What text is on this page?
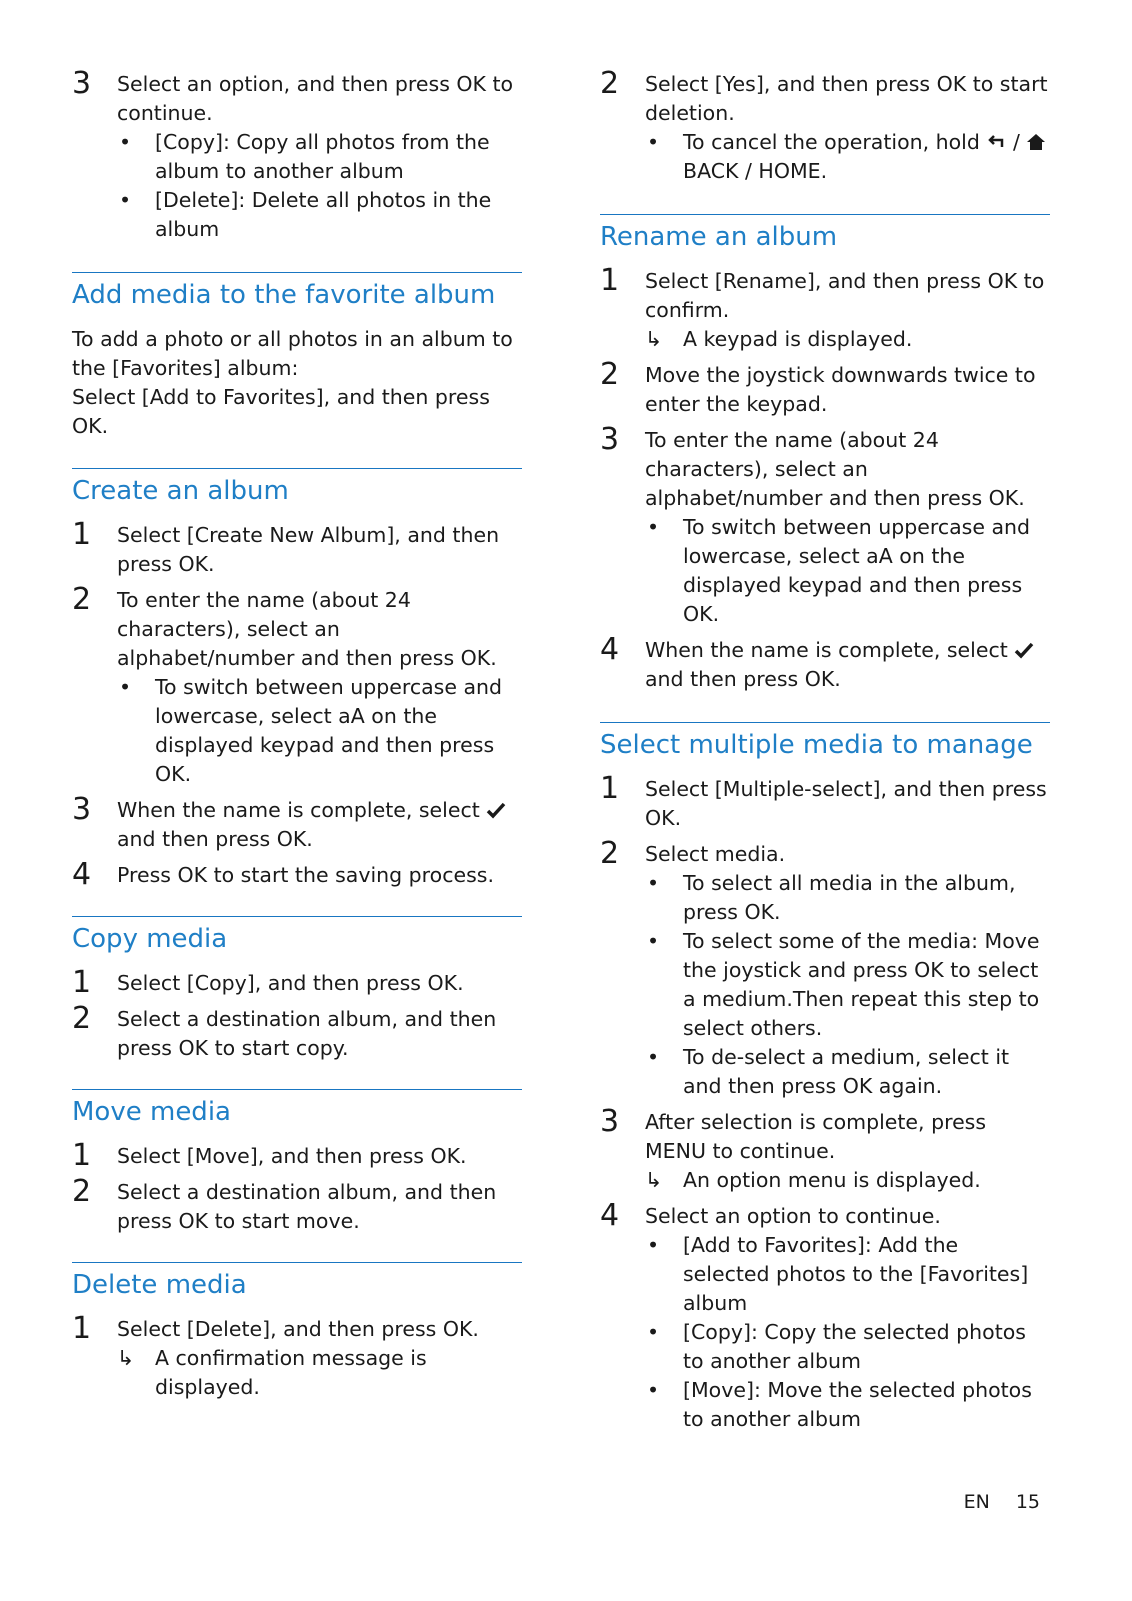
3 Select an option, and then press OK to continue.
• [Copy]: Copy all photos from the album to another album
• [Delete]: Delete all photos in the album
Add media to the favorite album
To add a photo or all photos in an album to the [Favorites] album:
Select [Add to Favorites], and then press OK.
Create an album
1 Select [Create New Album], and then press OK.
2 To enter the name (about 24 characters), select an alphabet/number and then press OK.
• To switch between uppercase and lowercase, select aA on the displayed keypad and then press OK.
3 When the name is complete, select  and then press OK.
4 Press OK to start the saving process.
Copy media
1 Select [Copy], and then press OK.
2 Select a destination album, and then press OK to start copy.
Move media
1 Select [Move], and then press OK.
2 Select a destination album, and then press OK to start move.
Delete media
1 Select [Delete], and then press OK.
↳ A confirmation message is displayed.
2 Select [Yes], and then press OK to start deletion.
• To cancel the operation, hold  /
BACK / HOME.
Rename an album
1 Select [Rename], and then press OK to confirm.
↳ A keypad is displayed.
2 Move the joystick downwards twice to enter the keypad.
3 To enter the name (about 24 characters), select an alphabet/number and then press OK.
• To switch between uppercase and lowercase, select aA on the displayed keypad and then press OK.
4 When the name is complete, select  and then press OK.
Select multiple media to manage
1 Select [Multiple-select], and then press OK.
2 Select media.
• To select all media in the album, press OK.
• To select some of the media: Move the joystick and press OK to select a medium.Then repeat this step to select others.
• To de-select a medium, select it and then press OK again.
3 After selection is complete, press MENU to continue.
↳ An option menu is displayed.
4 Select an option to continue.
• [Add to Favorites]: Add the selected photos to the [Favorites] album
• [Copy]: Copy the selected photos to another album
• [Move]: Move the selected photos to another album
EN 15
